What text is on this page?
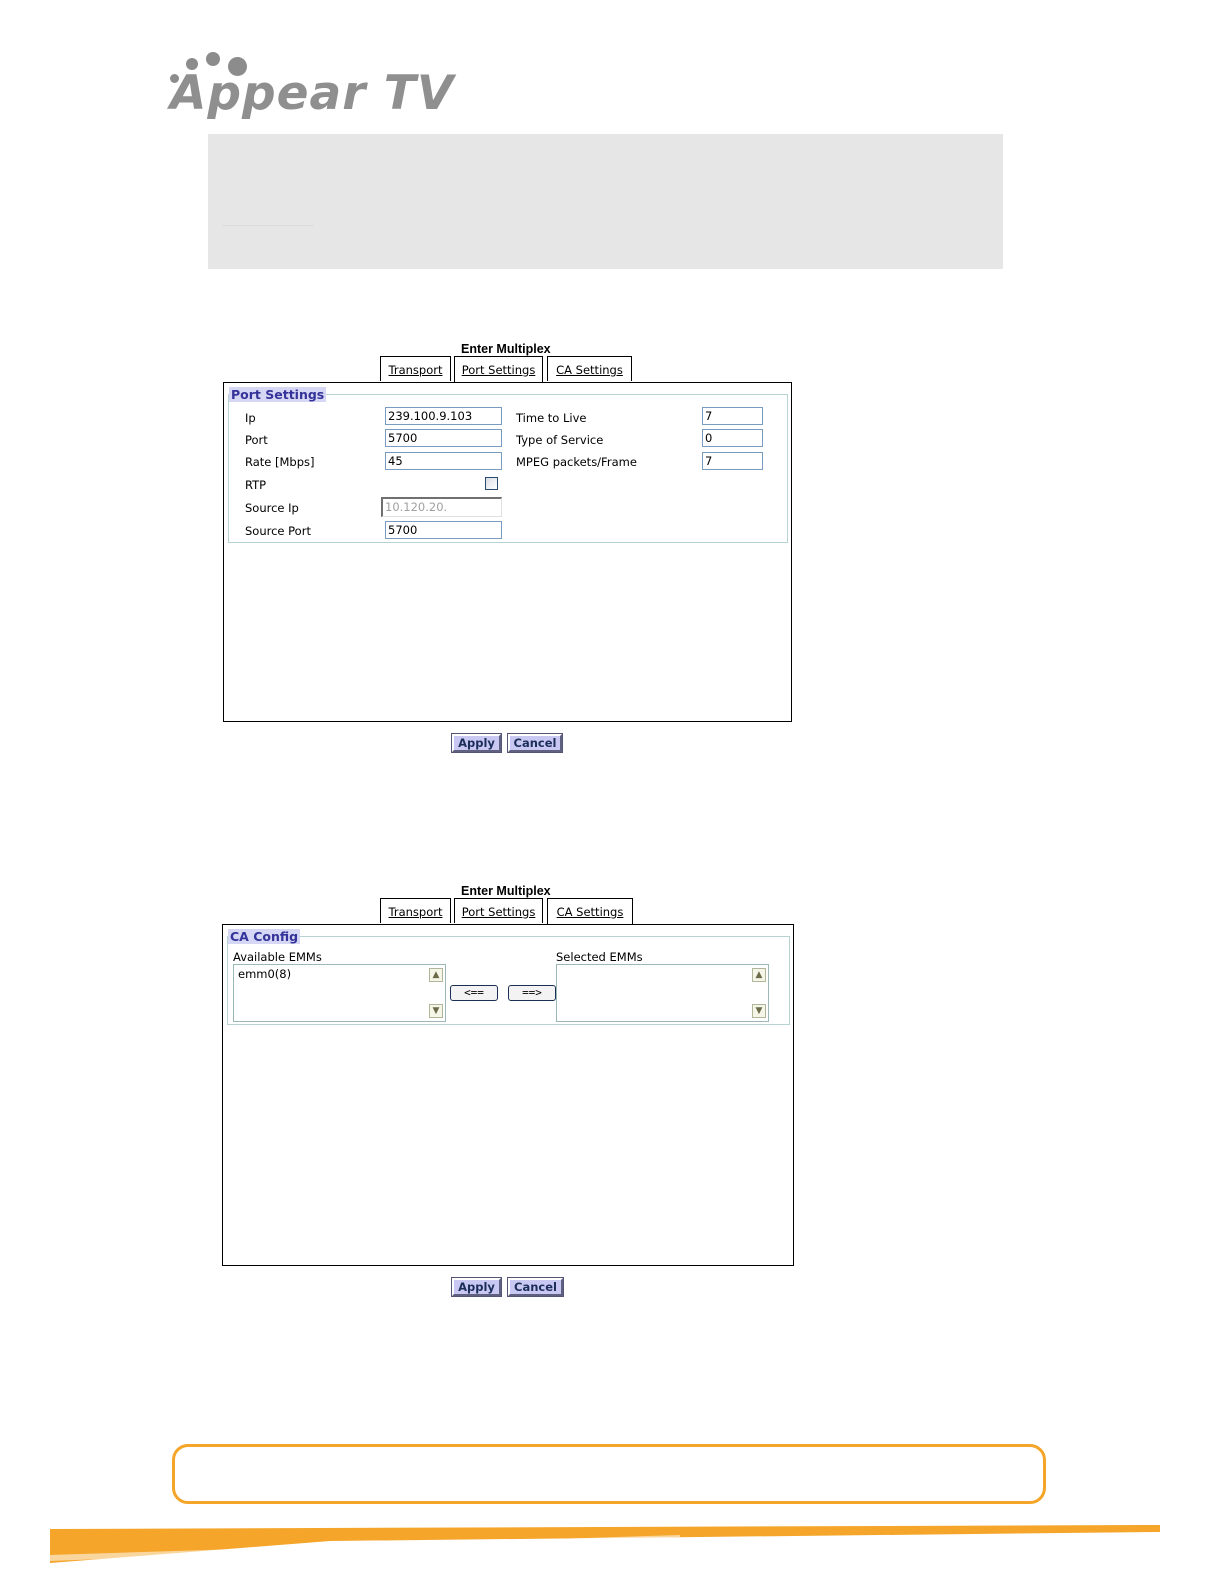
Appear TV
Enter Multiplex
Transport	Port Settings	CA Settings
Port Settings
Ip	239.100.9.103
Port	5700
Rate [Mbps]	45
RTP
Source Ip	10.120.20.
Source Port	5700
Time to Live	7
Type of Service	0
MPEG packets/Frame	7
Apply	Cancel
Enter Multiplex
Transport	Port Settings	CA Settings
CA Config
Available EMMs
emm0(8)	▲
▼
<==	==>
Selected EMMs
▲
▼
Apply	Cancel
